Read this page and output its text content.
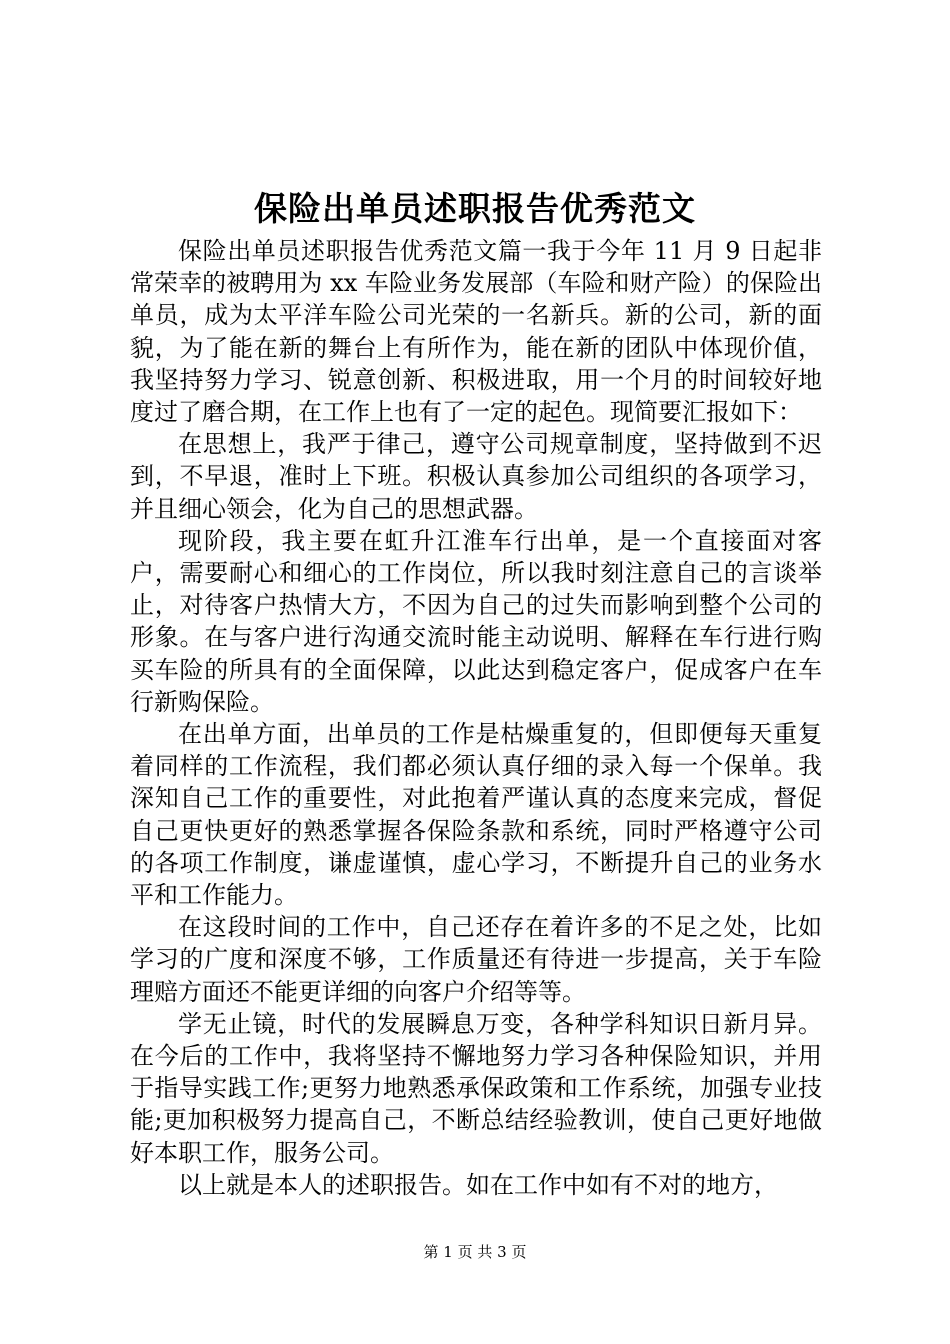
保险出单员述职报告优秀范文

保险出单员述职报告优秀范文篇一我于今年 11 月 9 日起非常荣幸的被聘用为 xx 车险业务发展部（车险和财产险）的保险出单员，成为太平洋车险公司光荣的一名新兵。新的公司，新的面貌，为了能在新的舞台上有所作为，能在新的团队中体现价值，我坚持努力学习、锐意创新、积极进取，用一个月的时间较好地度过了磨合期，在工作上也有了一定的起色。现简要汇报如下：

在思想上，我严于律己，遵守公司规章制度，坚持做到不迟到，不早退，准时上下班。积极认真参加公司组织的各项学习，并且细心领会，化为自己的思想武器。

现阶段，我主要在虹升江淮车行出单，是一个直接面对客户，需要耐心和细心的工作岗位，所以我时刻注意自己的言谈举止，对待客户热情大方，不因为自己的过失而影响到整个公司的形象。在与客户进行沟通交流时能主动说明、解释在车行进行购买车险的所具有的全面保障，以此达到稳定客户，促成客户在车行新购保险。

在出单方面，出单员的工作是枯燥重复的，但即便每天重复着同样的工作流程，我们都必须认真仔细的录入每一个保单。我深知自己工作的重要性，对此抱着严谨认真的态度来完成，督促自己更快更好的熟悉掌握各保险条款和系统，同时严格遵守公司的各项工作制度，谦虚谨慎，虚心学习，不断提升自己的业务水平和工作能力。

在这段时间的工作中，自己还存在着许多的不足之处，比如学习的广度和深度不够，工作质量还有待进一步提高，关于车险理赔方面还不能更详细的向客户介绍等等。

学无止镜，时代的发展瞬息万变，各种学科知识日新月异。在今后的工作中，我将坚持不懈地努力学习各种保险知识，并用于指导实践工作;更努力地熟悉承保政策和工作系统，加强专业技能;更加积极努力提高自己，不断总结经验教训，使自己更好地做好本职工作，服务公司。

以上就是本人的述职报告。如在工作中如有不对的地方，

第 1 页 共 3 页
